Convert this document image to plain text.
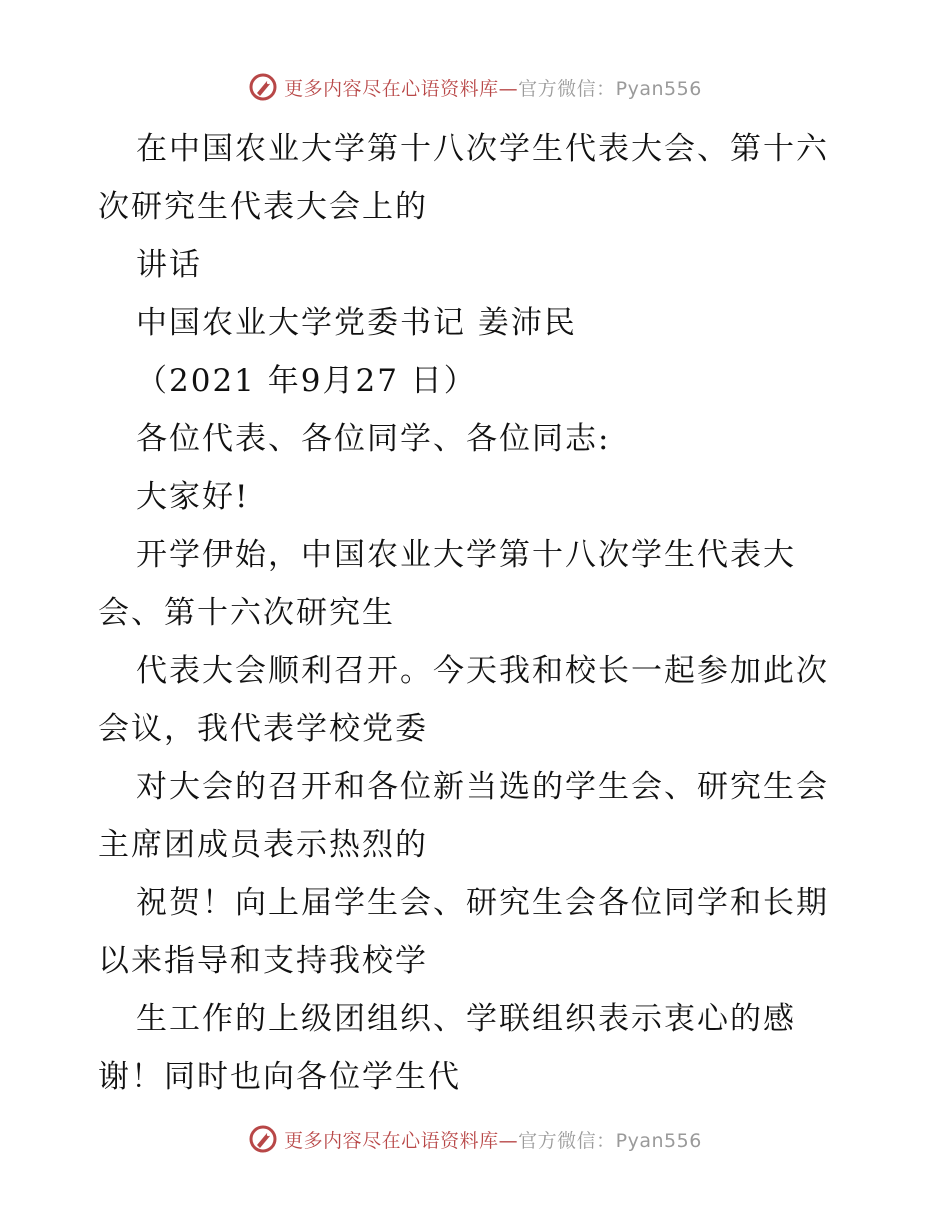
更多内容尽在心语资料库—官方微信：Pyan556

在中国农业大学第十八次学生代表大会、第十六次研究生代表大会上的

讲话

中国农业大学党委书记 姜沛民

（2021 年9月27 日）

各位代表、各位同学、各位同志:

大家好!

开学伊始，中国农业大学第十八次学生代表大会、第十六次研究生

代表大会顺利召开。今天我和校长一起参加此次会议，我代表学校党委

对大会的召开和各位新当选的学生会、研究生会主席团成员表示热烈的

祝贺！向上届学生会、研究生会各位同学和长期以来指导和支持我校学

生工作的上级团组织、学联组织表示衷心的感谢！同时也向各位学生代

更多内容尽在心语资料库—官方微信：Pyan556
